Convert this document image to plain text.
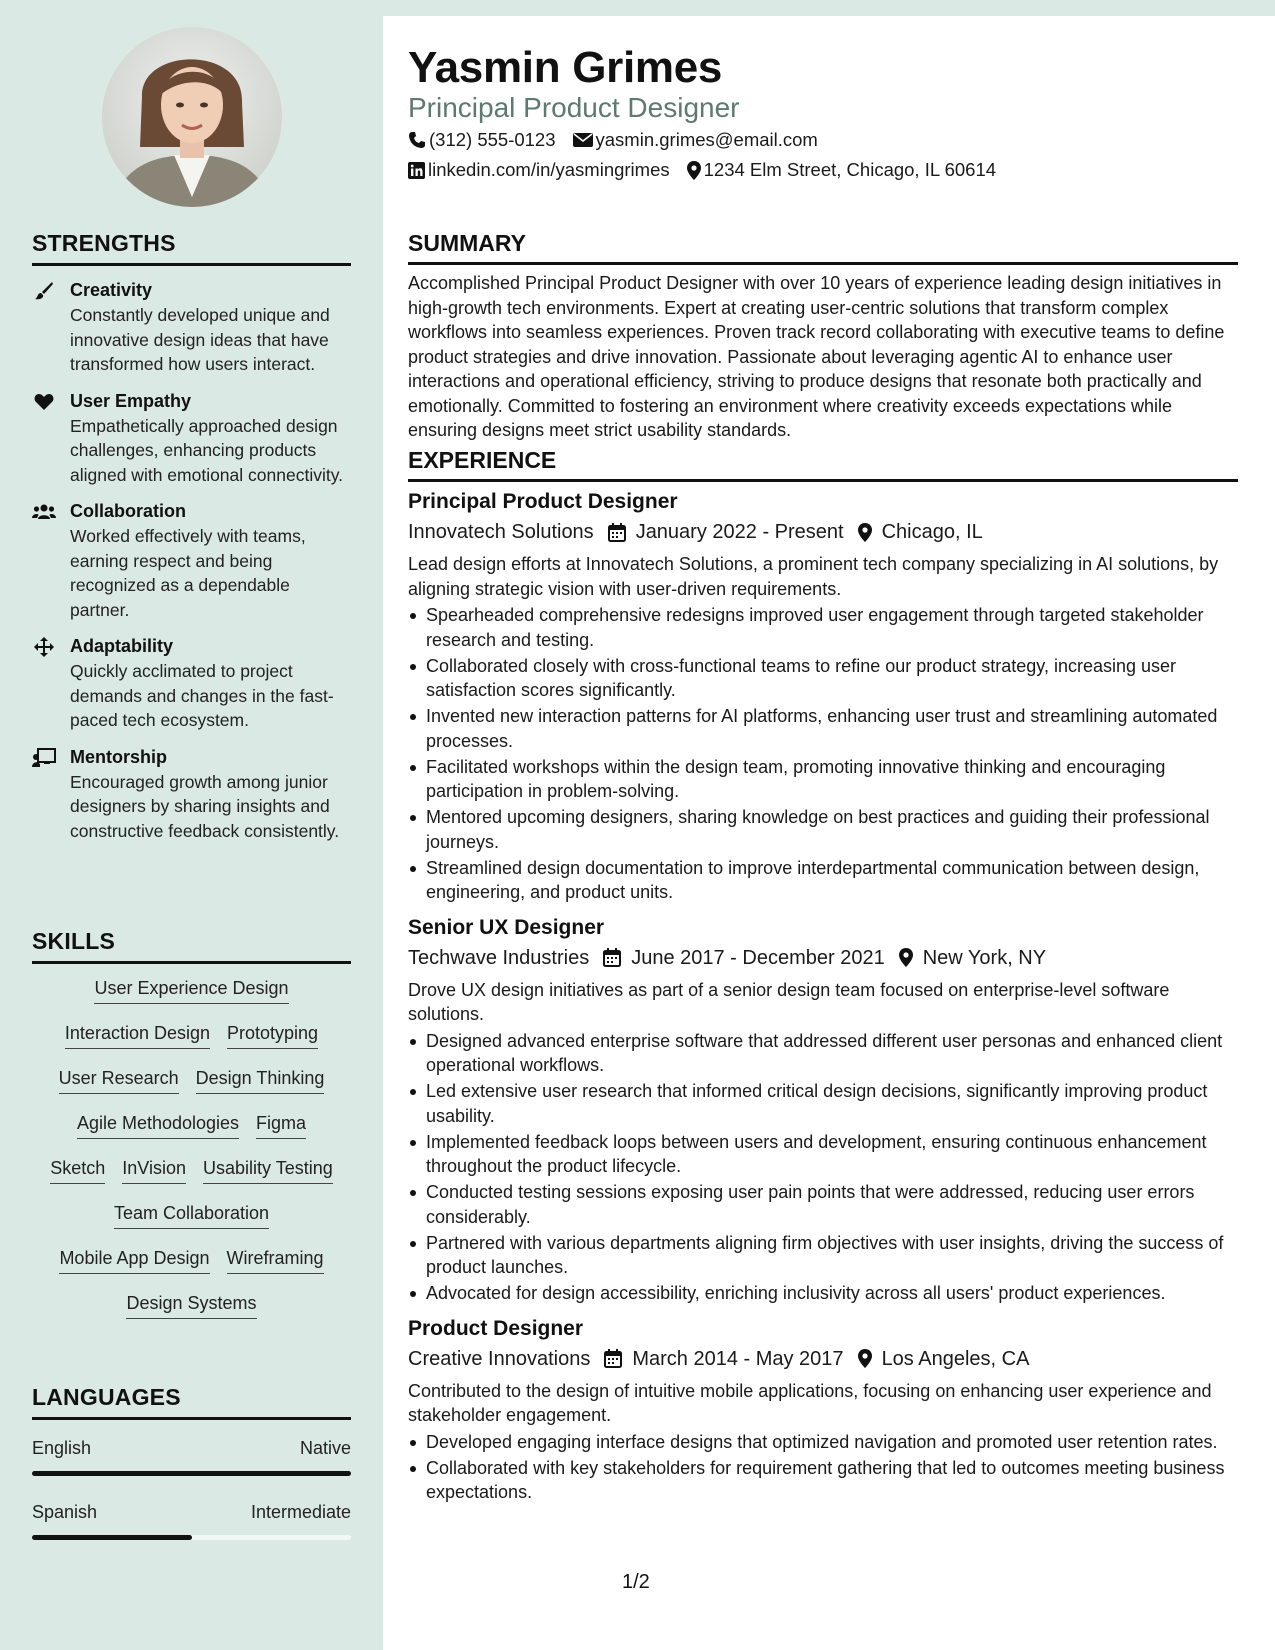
STRENGTHS
Creativity
Constantly developed unique and innovative design ideas that have transformed how users interact.
User Empathy
Empathetically approached design challenges, enhancing products aligned with emotional connectivity.
Collaboration
Worked effectively with teams, earning respect and being recognized as a dependable partner.
Adaptability
Quickly acclimated to project demands and changes in the fast-paced tech ecosystem.
Mentorship
Encouraged growth among junior designers by sharing insights and constructive feedback consistently.
SKILLS
User Experience Design
Interaction Design Prototyping
User Research Design Thinking
Agile Methodologies Figma
Sketch InVision Usability Testing
Team Collaboration
Mobile App Design Wireframing
Design Systems
LANGUAGES
English	Native
Spanish	Intermediate
Yasmin Grimes
Principal Product Designer
(312) 555-0123 yasmin.grimes@email.com
linkedin.com/in/yasmingrimes 1234 Elm Street, Chicago, IL 60614
SUMMARY
Accomplished Principal Product Designer with over 10 years of experience leading design initiatives in high-growth tech environments. Expert at creating user-centric solutions that transform complex workflows into seamless experiences. Proven track record collaborating with executive teams to define product strategies and drive innovation. Passionate about leveraging agentic AI to enhance user interactions and operational efficiency, striving to produce designs that resonate both practically and emotionally. Committed to fostering an environment where creativity exceeds expectations while ensuring designs meet strict usability standards.
EXPERIENCE
Principal Product Designer
Innovatech Solutions January 2022 - Present Chicago, IL
Lead design efforts at Innovatech Solutions, a prominent tech company specializing in AI solutions, by aligning strategic vision with user-driven requirements.
Spearheaded comprehensive redesigns improved user engagement through targeted stakeholder research and testing.
Collaborated closely with cross-functional teams to refine our product strategy, increasing user satisfaction scores significantly.
Invented new interaction patterns for AI platforms, enhancing user trust and streamlining automated processes.
Facilitated workshops within the design team, promoting innovative thinking and encouraging participation in problem-solving.
Mentored upcoming designers, sharing knowledge on best practices and guiding their professional journeys.
Streamlined design documentation to improve interdepartmental communication between design, engineering, and product units.
Senior UX Designer
Techwave Industries June 2017 - December 2021 New York, NY
Drove UX design initiatives as part of a senior design team focused on enterprise-level software solutions.
Designed advanced enterprise software that addressed different user personas and enhanced client operational workflows.
Led extensive user research that informed critical design decisions, significantly improving product usability.
Implemented feedback loops between users and development, ensuring continuous enhancement throughout the product lifecycle.
Conducted testing sessions exposing user pain points that were addressed, reducing user errors considerably.
Partnered with various departments aligning firm objectives with user insights, driving the success of product launches.
Advocated for design accessibility, enriching inclusivity across all users' product experiences.
Product Designer
Creative Innovations March 2014 - May 2017 Los Angeles, CA
Contributed to the design of intuitive mobile applications, focusing on enhancing user experience and stakeholder engagement.
Developed engaging interface designs that optimized navigation and promoted user retention rates.
Collaborated with key stakeholders for requirement gathering that led to outcomes meeting business expectations.
1/2
